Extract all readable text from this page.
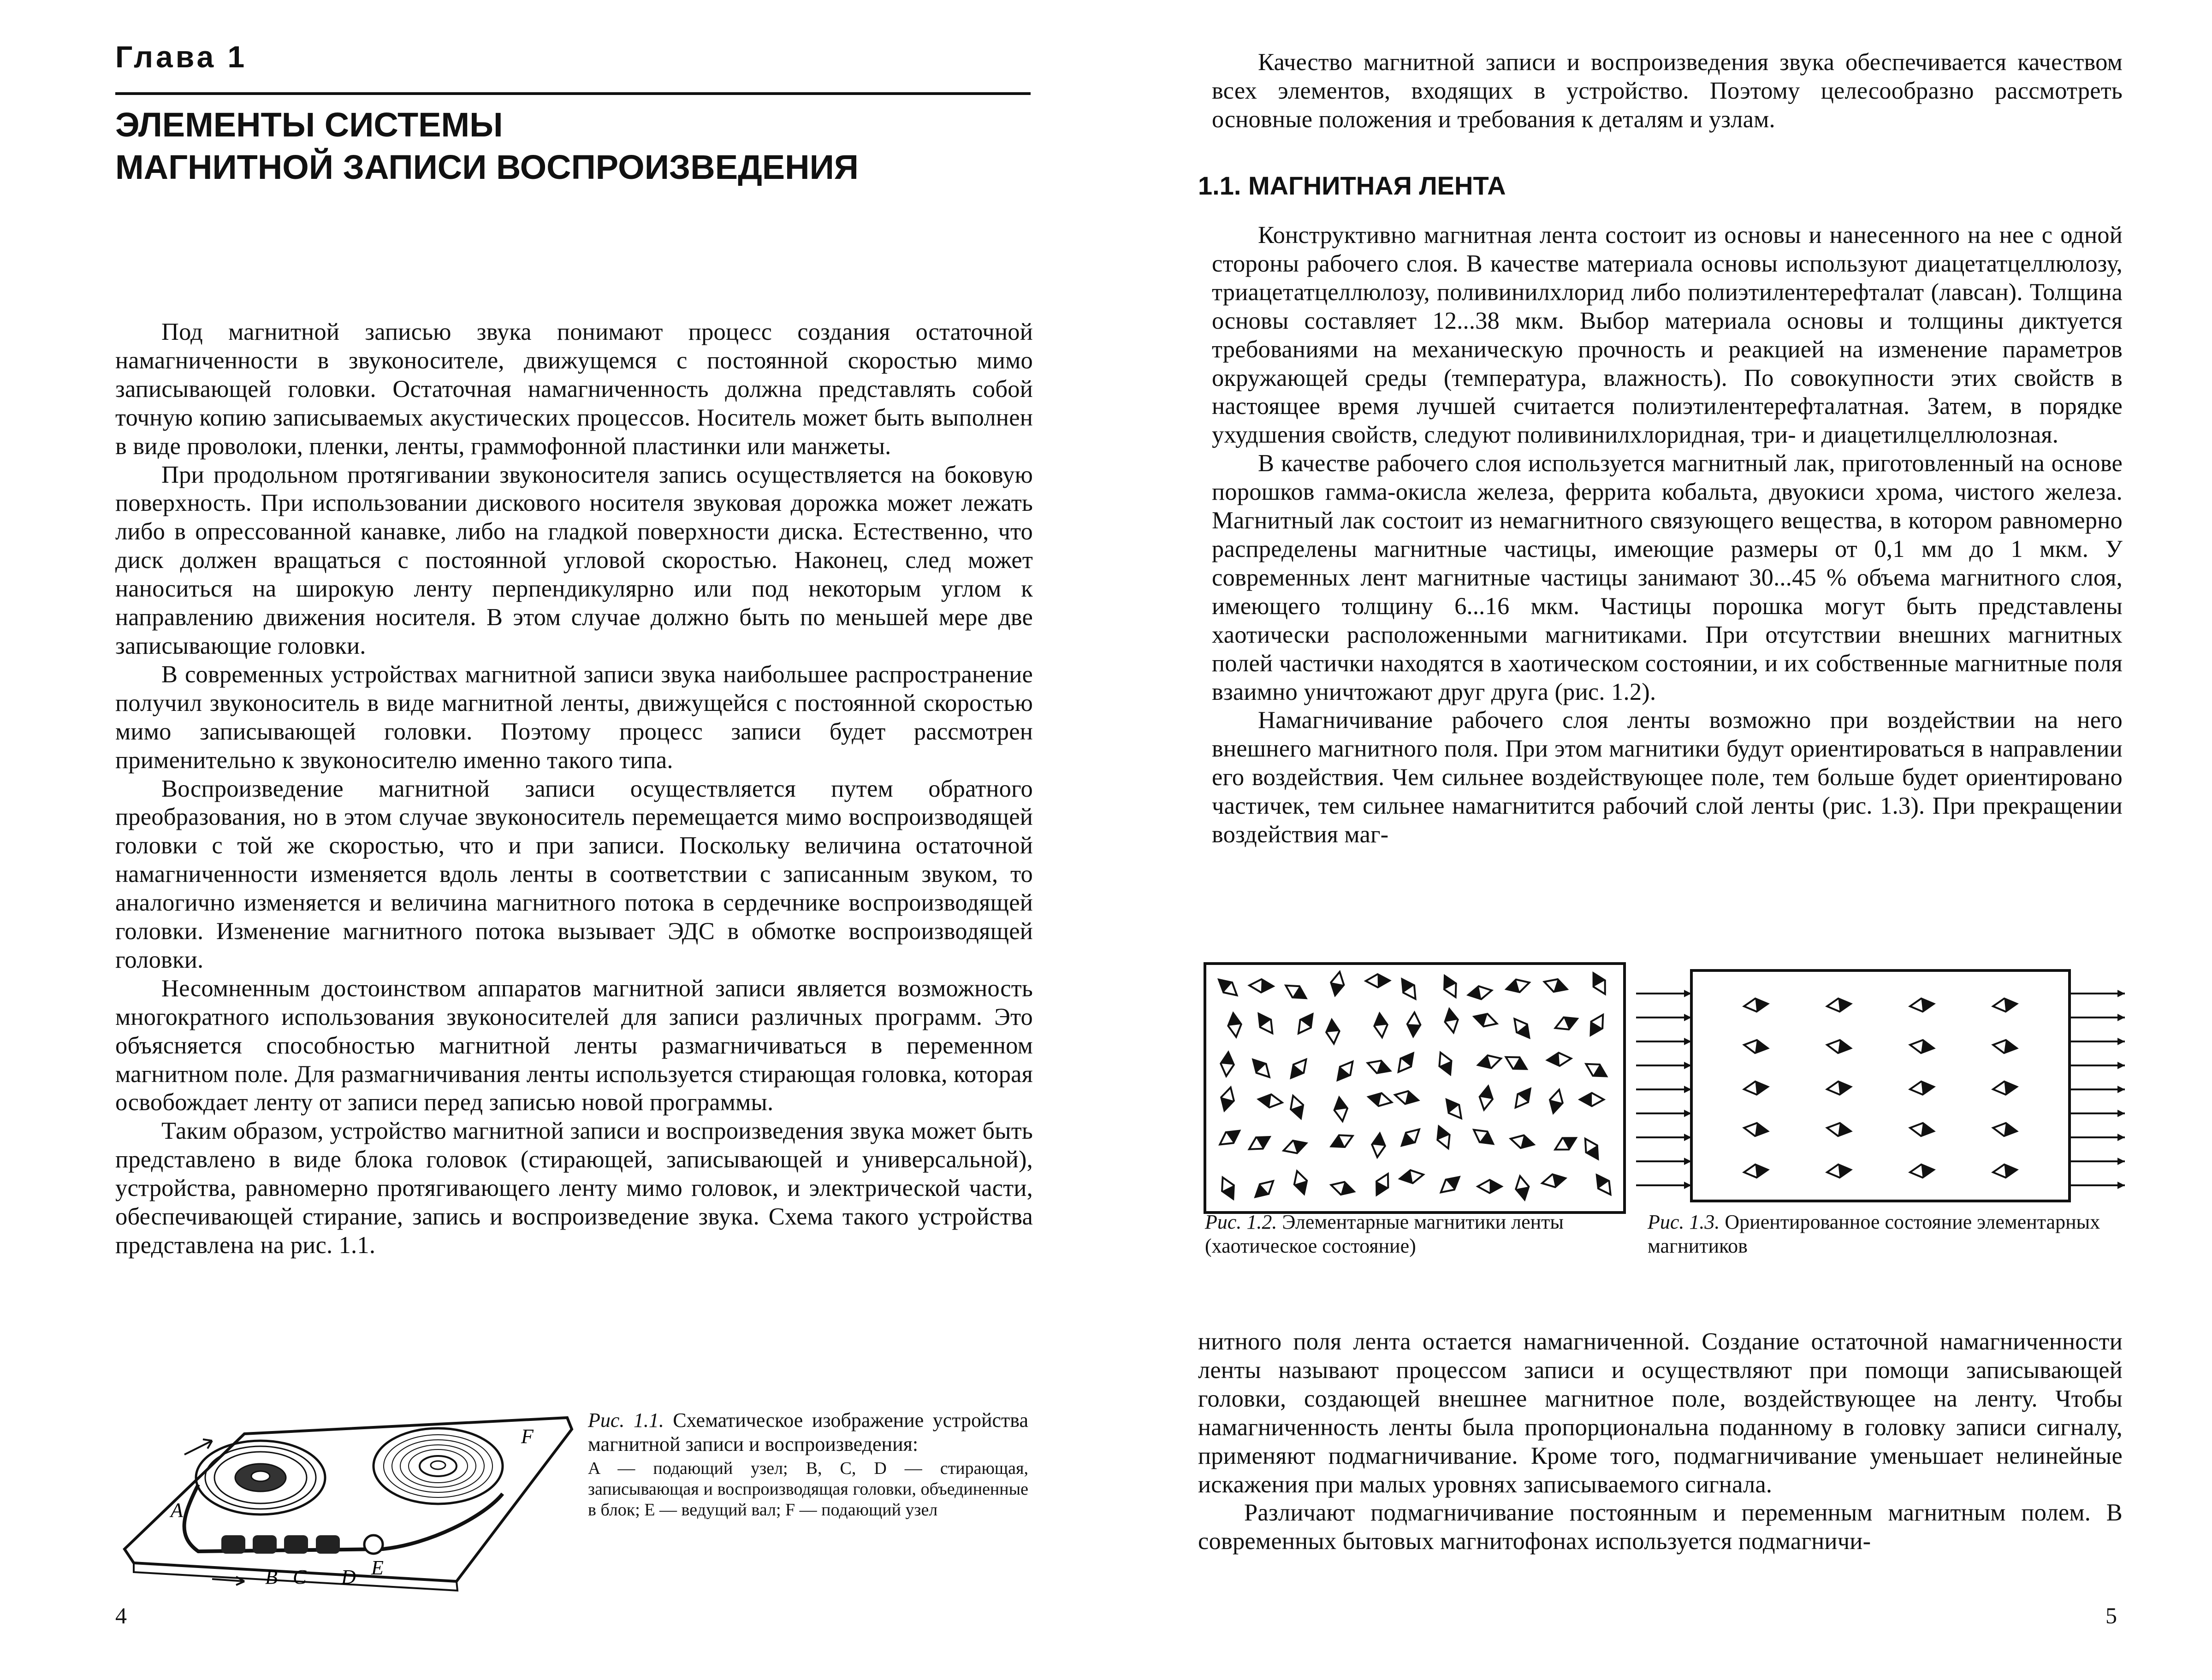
Глава 1
ЭЛЕМЕНТЫ СИСТЕМЫ
МАГНИТНОЙ ЗАПИСИ ВОСПРОИЗВЕДЕНИЯ

Под магнитной записью звука понимают процесс создания остаточной намагниченности в звуконосителе, движущемся с постоянной скоростью мимо записывающей головки. Остаточная намагниченность должна представлять собой точную копию записываемых акустических процессов. Носитель может быть выполнен в виде проволоки, пленки, ленты, граммофонной пластинки или манжеты.

При продольном протягивании звуконосителя запись осуществляется на боковую поверхность. При использовании дискового носителя звуковая дорожка может лежать либо в опрессованной канавке, либо на гладкой поверхности диска. Естественно, что диск должен вращаться с постоянной угловой скоростью. Наконец, след может наноситься на широкую ленту перпендикулярно или под некоторым углом к направлению движения носителя. В этом случае должно быть по меньшей мере две записывающие головки.

В современных устройствах магнитной записи звука наибольшее распространение получил звуконоситель в виде магнитной ленты, движущейся с постоянной скоростью мимо записывающей головки. Поэтому процесс записи будет рассмотрен применительно к звуконосителю именно такого типа.

Воспроизведение магнитной записи осуществляется путем обратного преобразования, но в этом случае звуконоситель перемещается мимо воспроизводящей головки с той же скоростью, что и при записи. Поскольку величина остаточной намагниченности изменяется вдоль ленты в соответствии с записанным звуком, то аналогично изменяется и величина магнитного потока в сердечнике воспроизводящей головки. Изменение магнитного потока вызывает ЭДС в обмотке воспроизводящей головки.

Несомненным достоинством аппаратов магнитной записи является возможность многократного использования звуконосителей для записи различных программ. Это объясняется способностью магнитной ленты размагничиваться в переменном магнитном поле. Для размагничивания ленты используется стирающая головка, которая освобождает ленту от записи перед записью новой программы.

Таким образом, устройство магнитной записи и воспроизведения звука может быть представлено в виде блока головок (стирающей, записывающей и универсальной), устройства, равномерно протягивающего ленту мимо головок, и электрической части, обеспечивающей стирание, запись и воспроизведение звука. Схема такого устройства представлена на рис. 1.1.

A
B C D E
F
Рис. 1.1. Схематическое изображение устройства магнитной записи и воспроизведения:
A — подающий узел; B, C, D — стирающая, записывающая и воспроизводящая головки, объединенные в блок; E — ведущий вал; F — подающий узел
4

Качество магнитной записи и воспроизведения звука обеспечивается качеством всех элементов, входящих в устройство. Поэтому целесообразно рассмотреть основные положения и требования к деталям и узлам.

1.1. МАГНИТНАЯ ЛЕНТА

Конструктивно магнитная лента состоит из основы и нанесенного на нее с одной стороны рабочего слоя. В качестве материала основы используют диацетатцеллюлозу, триацетатцеллюлозу, поливинилхлорид либо полиэтилентерефталат (лавсан). Толщина основы составляет 12...38 мкм. Выбор материала основы и толщины диктуется требованиями на механическую прочность и реакцией на изменение параметров окружающей среды (температура, влажность). По совокупности этих свойств в настоящее время лучшей считается полиэтилентерефталатная. Затем, в порядке ухудшения свойств, следуют поливинилхлоридная, три- и диацетилцеллюлозная.

В качестве рабочего слоя используется магнитный лак, приготовленный на основе порошков гамма-окисла железа, феррита кобальта, двуокиси хрома, чистого железа. Магнитный лак состоит из немагнитного связующего вещества, в котором равномерно распределены магнитные частицы, имеющие размеры от 0,1 мм до 1 мкм. У современных лент магнитные частицы занимают 30...45 % объема магнитного слоя, имеющего толщину 6...16 мкм. Частицы порошка могут быть представлены хаотически расположенными магнитиками. При отсутствии внешних магнитных полей частички находятся в хаотическом состоянии, и их собственные магнитные поля взаимно уничтожают друг друга (рис. 1.2).

Намагничивание рабочего слоя ленты возможно при воздействии на него внешнего магнитного поля. При этом магнитики будут ориентироваться в направлении его воздействия. Чем сильнее воздействующее поле, тем больше будет ориентировано частичек, тем сильнее намагнитится рабочий слой ленты (рис. 1.3). При прекращении воздействия маг-

Рис. 1.2. Элементарные магнитики ленты (хаотическое состояние)
Рис. 1.3. Ориентированное состояние элементарных магнитиков

нитного поля лента остается намагниченной. Создание остаточной намагниченности ленты называют процессом записи и осуществляют при помощи записывающей головки, создающей внешнее магнитное поле, воздействующее на ленту. Чтобы намагниченность ленты была пропорциональна поданному в головку записи сигналу, применяют подмагничивание. Кроме того, подмагничивание уменьшает нелинейные искажения при малых уровнях записываемого сигнала.

Различают подмагничивание постоянным и переменным магнитным полем. В современных бытовых магнитофонах используется подмагничи-

5
